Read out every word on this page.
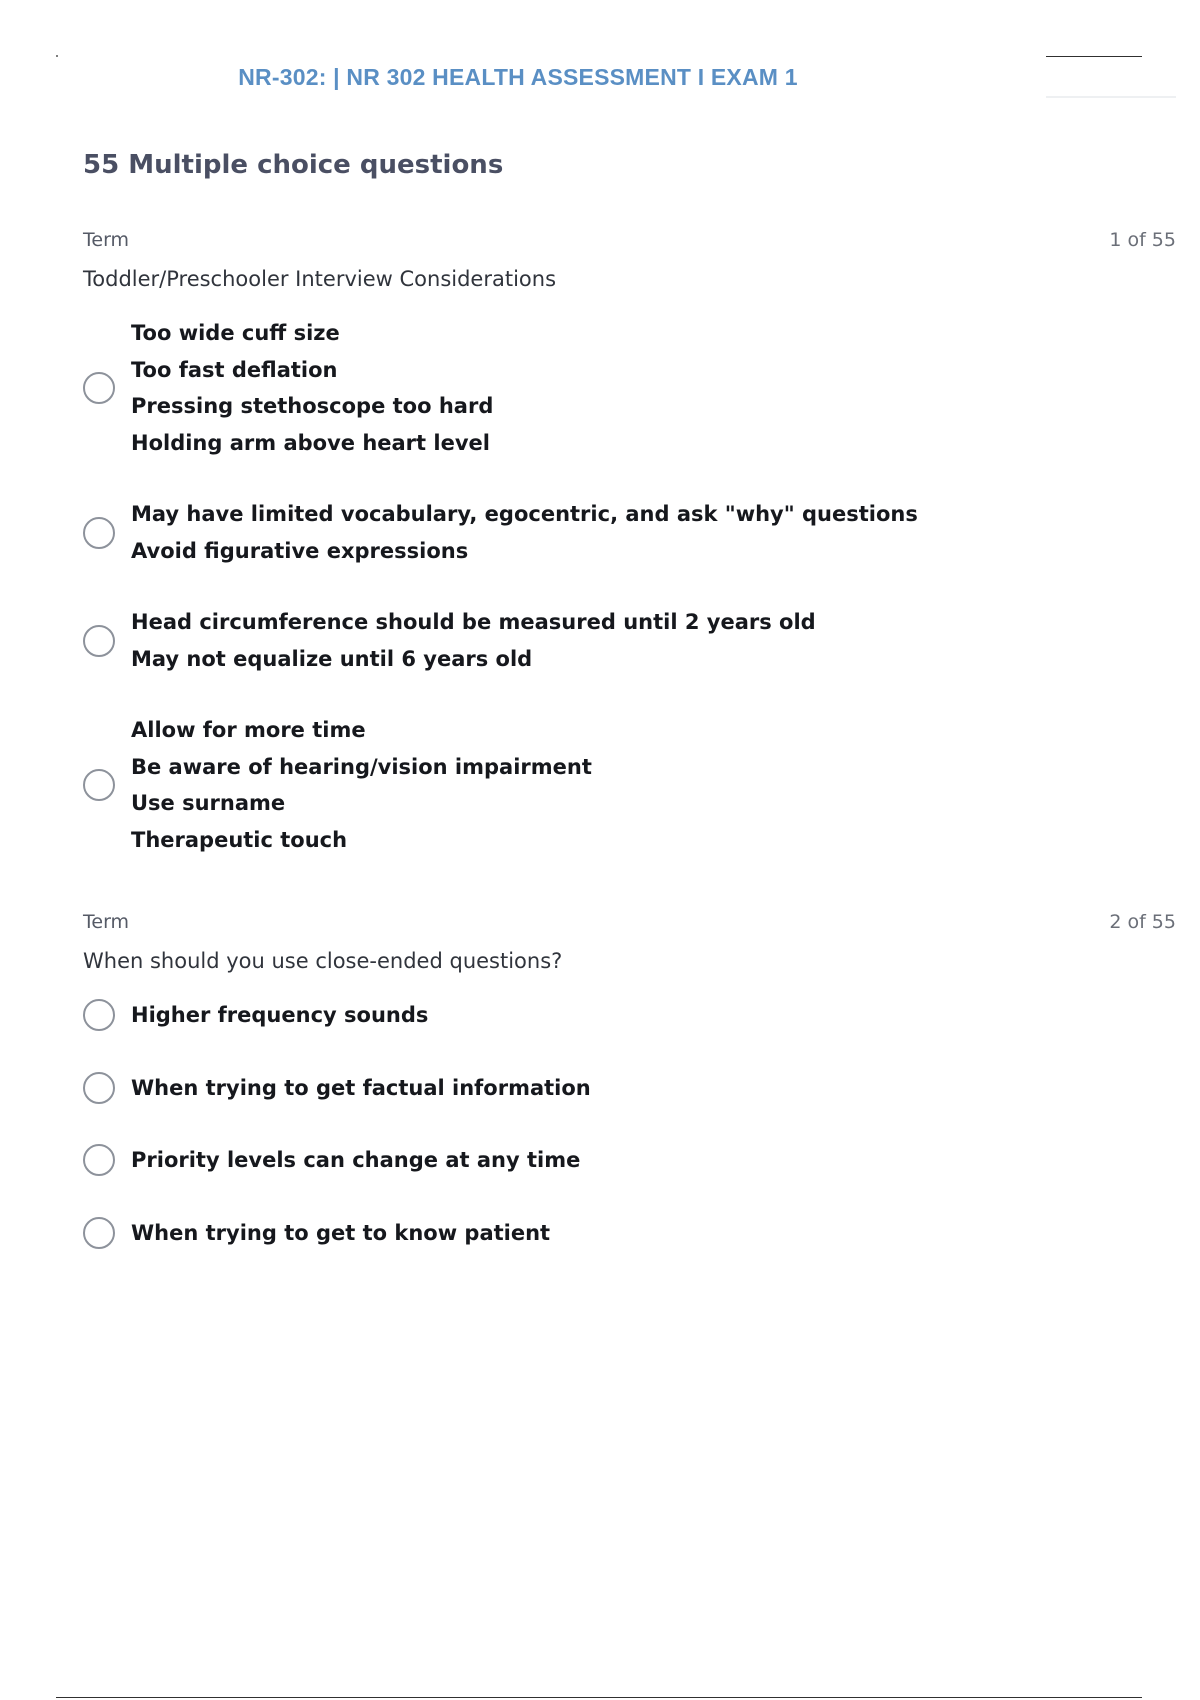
NR-302: | NR 302 HEALTH ASSESSMENT I EXAM 1
55 Multiple choice questions
Term	1 of 55
Toddler/Preschooler Interview Considerations
Too wide cuff size
Too fast deflation
Pressing stethoscope too hard
Holding arm above heart level
May have limited vocabulary, egocentric, and ask "why" questions
Avoid figurative expressions
Head circumference should be measured until 2 years old
May not equalize until 6 years old
Allow for more time
Be aware of hearing/vision impairment
Use surname
Therapeutic touch
Term	2 of 55
When should you use close-ended questions?
Higher frequency sounds
When trying to get factual information
Priority levels can change at any time
When trying to get to know patient
